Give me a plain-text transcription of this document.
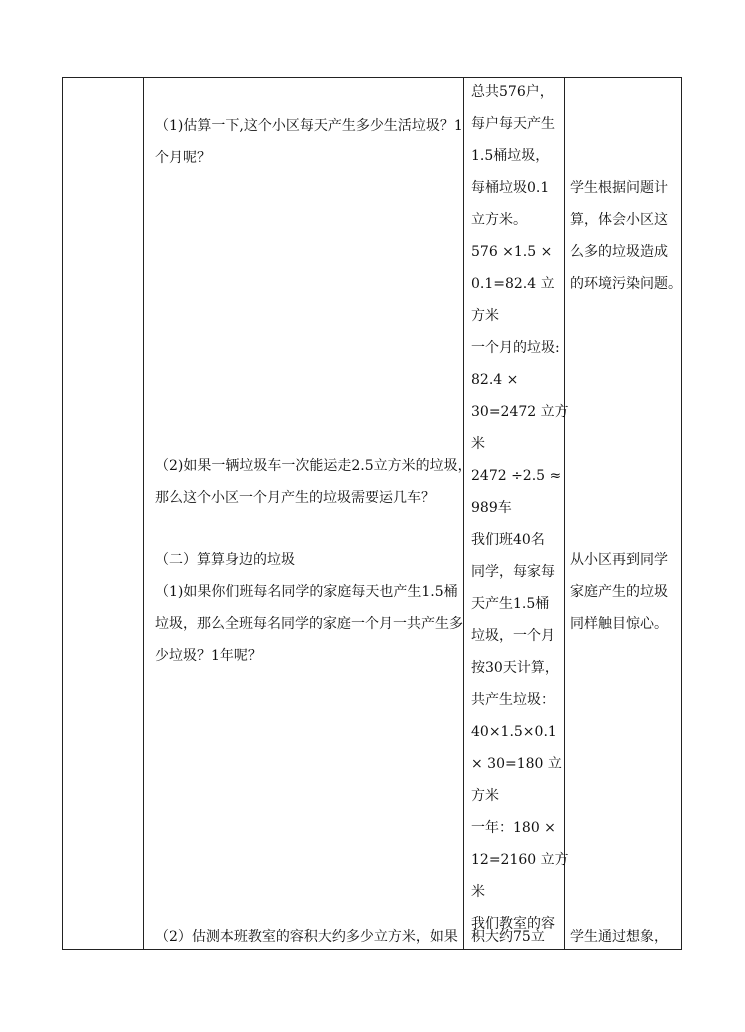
（1)估算一下,这个小区每天产生多少生活垃圾？1
个月呢？
（2)如果一辆垃圾车一次能运走2.5立方米的垃圾，
那么这个小区一个月产生的垃圾需要运几车？
（二）算算身边的垃圾
（1)如果你们班每名同学的家庭每天也产生1.5桶
垃圾，那么全班每名同学的家庭一个月一共产生多
少垃圾？1年呢？
（2）估测本班教室的容积大约多少立方米，如果
总共576户，
每户每天产生
1.5桶垃圾，
每桶垃圾0.1
立方米。
576 ×1.5 ×
0.1=82.4 立
方米
一个月的垃圾:
82.4 ×
30=2472 立方
米
2472 ÷2.5 ≈
989车
我们班40名
同学，每家每
天产生1.5桶
垃圾，一个月
按30天计算，
共产生垃圾：
40×1.5×0.1
× 30=180 立
方米
一年：180 ×
12=2160 立方
米
我们教室的容
积大约75立
学生根据问题计
算，体会小区这
么多的垃圾造成
的环境污染问题。
从小区再到同学
家庭产生的垃圾
同样触目惊心。
学生通过想象，
